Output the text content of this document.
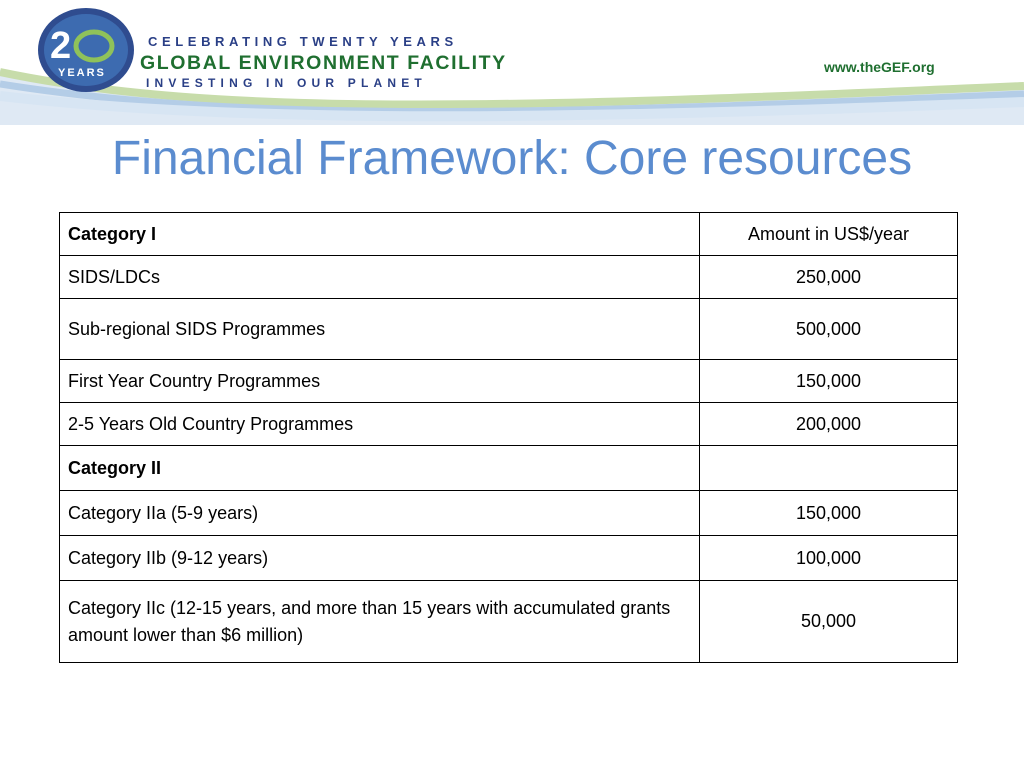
2
YEARS
CELEBRATING TWENTY YEARS
GLOBAL ENVIRONMENT FACILITY
INVESTING IN OUR PLANET
www.theGEF.org
Financial Framework: Core resources
Category I	Amount in US$/year
SIDS/LDCs	250,000
Sub-regional SIDS Programmes	500,000
First Year Country Programmes	150,000
2-5 Years Old Country Programmes	200,000
Category II	
Category IIa (5-9 years)	150,000
Category IIb (9-12 years)	100,000
Category IIc (12-15 years, and more than 15 years with accumulated grants amount lower than $6 million)	50,000
